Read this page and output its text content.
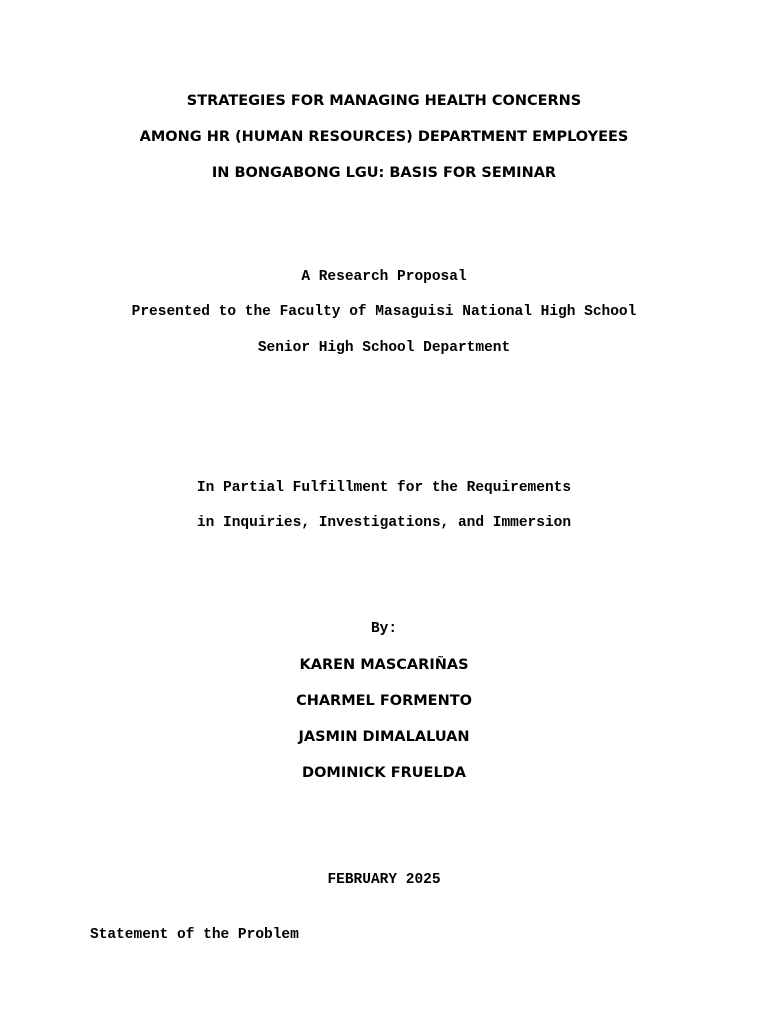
STRATEGIES FOR MANAGING HEALTH CONCERNS
AMONG HR (HUMAN RESOURCES) DEPARTMENT EMPLOYEES
IN BONGABONG LGU: BASIS FOR SEMINAR
A Research Proposal
Presented to the Faculty of Masaguisi National High School
Senior High School Department
In Partial Fulfillment for the Requirements
in Inquiries, Investigations, and Immersion
By:
KAREN MASCARIÑAS
CHARMEL FORMENTO
JASMIN DIMALALUAN
DOMINICK FRUELDA
FEBRUARY 2025
Statement of the Problem
